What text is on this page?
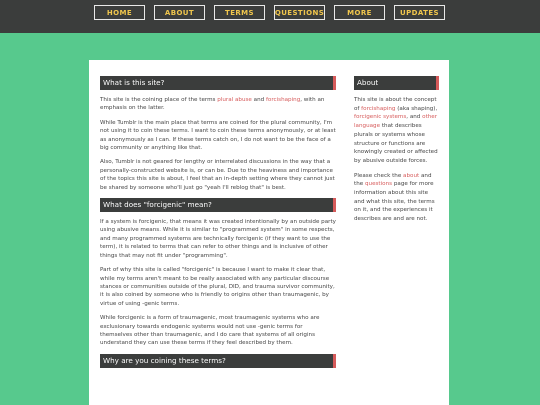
HOME	ABOUT	TERMS	QUESTIONS	MORE	UPDATES
What is this site?

This site is the coining place of the terms plural abuse and forcishaping, with an emphasis on the latter.

While Tumblr is the main place that terms are coined for the plural community, I'm not using it to coin these terms. I want to coin these terms anonymously, or at least as anonymously as I can. If these terms catch on, I do not want to be the face of a big community or anything like that.

Also, Tumblr is not geared for lengthy or interrelated discussions in the way that a personally-constructed website is, or can be. Due to the heaviness and importance of the topics this site is about, I feel that an in-depth setting where they cannot just be shared by someone who'll just go "yeah I'll reblog that" is best.

What does "forcigenic" mean?

If a system is forcigenic, that means it was created intentionally by an outside party using abusive means. While it is similar to "programmed system" in some respects, and many programmed systems are technically forcigenic (if they want to use the term), it is related to terms that can refer to other things and is inclusive of other things that may not fit under "programming".

Part of why this site is called "forcigenic" is because I want to make it clear that, while my terms aren't meant to be really associated with any particular discourse stances or communities outside of the plural, DID, and trauma survivor community, it is also coined by someone who is friendly to origins other than traumagenic, by virtue of using -genic terms.

While forcigenic is a form of traumagenic, most traumagenic systems who are exclusionary towards endogenic systems would not use -genic terms for themselves other than traumagenic, and I do care that systems of all origins understand they can use these terms if they feel described by them.

Why are you coining these terms?
About

This site is about the concept of forcishaping (aka shaping), forcigenic systems, and other language that describes plurals or systems whose structure or functions are knowingly created or affected by abusive outside forces.

Please check the about and the questions page for more information about this site and what this site, the terms on it, and the experiences it describes are and are not.
